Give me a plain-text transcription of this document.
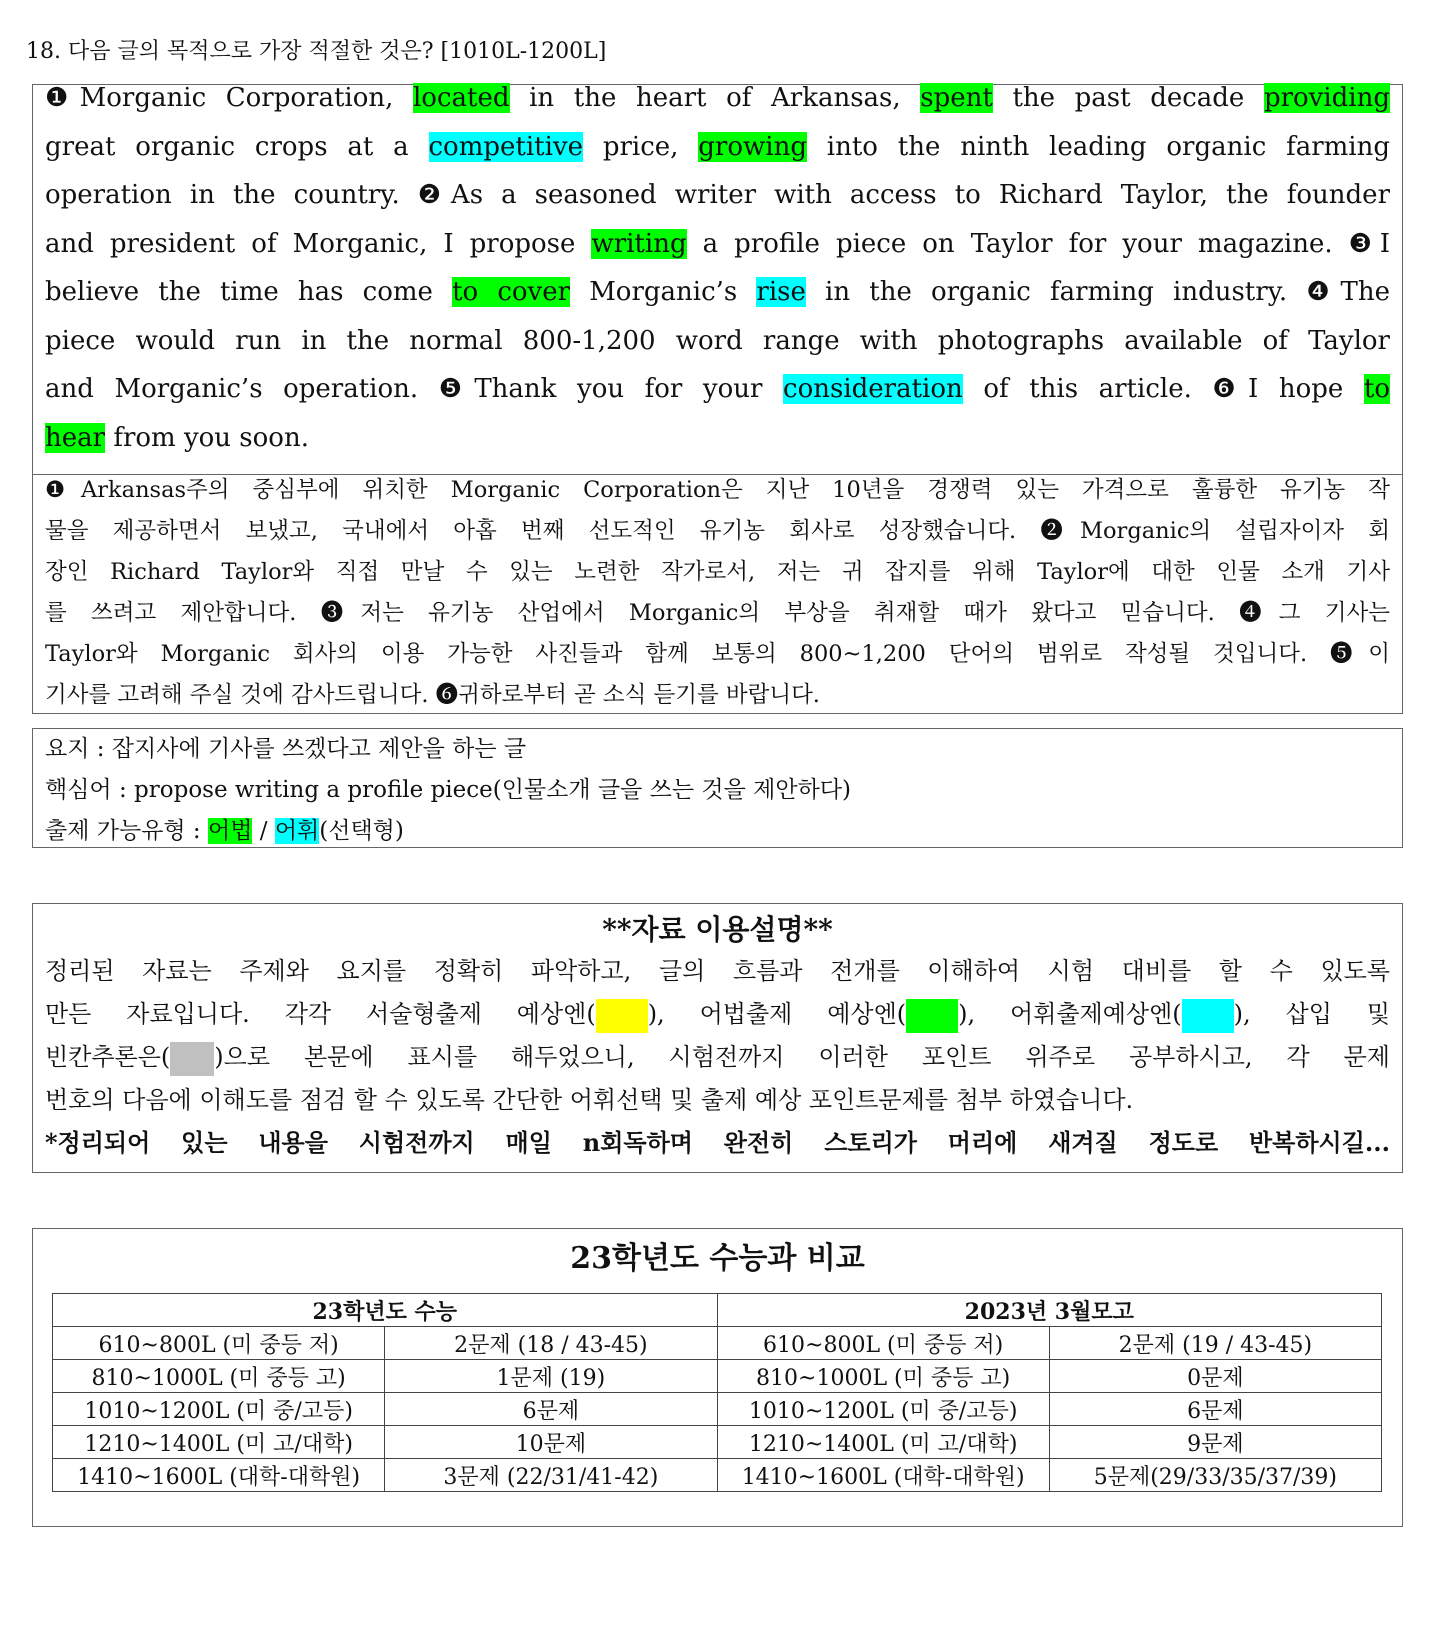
18. 다음 글의 목적으로 가장 적절한 것은? [1010L-1200L]
❶Morganic Corporation, located in the heart of Arkansas, spent the past decade providing
great organic crops at a competitive price, growing into the ninth leading organic farming
operation in the country. ❷As a seasoned writer with access to Richard Taylor, the founder
and president of Morganic, I propose writing a profile piece on Taylor for your magazine. ❸I
believe the time has come to cover Morganic’s rise in the organic farming industry. ❹The
piece would run in the normal 800-1,200 word range with photographs available of Taylor
and Morganic’s operation. ❺Thank you for your consideration of this article. ❻I hope to
hear from you soon.
❶Arkansas주의 중심부에 위치한 Morganic Corporation은 지난 10년을 경쟁력 있는 가격으로 훌륭한 유기농 작
물을 제공하면서 보냈고, 국내에서 아홉 번째 선도적인 유기농 회사로 성장했습니다. ❷Morganic의 설립자이자 회
장인 Richard Taylor와 직접 만날 수 있는 노련한 작가로서, 저는 귀 잡지를 위해 Taylor에 대한 인물 소개 기사
를 쓰려고 제안합니다. ❸저는 유기농 산업에서 Morganic의 부상을 취재할 때가 왔다고 믿습니다. ❹그 기사는
Taylor와 Morganic 회사의 이용 가능한 사진들과 함께 보통의 800~1,200 단어의 범위로 작성될 것입니다. ❺이
기사를 고려해 주실 것에 감사드립니다. ❻귀하로부터 곧 소식 듣기를 바랍니다.
요지 : 잡지사에 기사를 쓰겠다고 제안을 하는 글
핵심어 : propose writing a profile piece(인물소개 글을 쓰는 것을 제안하다)
출제 가능유형 : 어법 / 어휘(선택형)
**자료 이용설명**
정리된 자료는 주제와 요지를 정확히 파악하고, 글의 흐름과 전개를 이해하여 시험 대비를 할 수 있도록
만든 자료입니다. 각각 서술형출제 예상엔( ), 어법출제 예상엔( ), 어휘출제예상엔( ), 삽입 및
빈칸추론은( )으로 본문에 표시를 해두었으니, 시험전까지 이러한 포인트 위주로 공부하시고, 각 문제
번호의 다음에 이해도를 점검 할 수 있도록 간단한 어휘선택 및 출제 예상 포인트문제를 첨부 하였습니다.
*정리되어 있는 내용을 시험전까지 매일 n회독하며 완전히 스토리가 머리에 새겨질 정도로 반복하시길...
23학년도 수능과 비교
23학년도 수능		2023년 3월모고	
610~800L (미 중등 저)	2문제 (18 / 43-45)	610~800L (미 중등 저)	2문제 (19 / 43-45)
810~1000L (미 중등 고)	1문제 (19)	810~1000L (미 중등 고)	0문제
1010~1200L (미 중/고등)	6문제	1010~1200L (미 중/고등)	6문제
1210~1400L (미 고/대학)	10문제	1210~1400L (미 고/대학)	9문제
1410~1600L (대학-대학원)	3문제 (22/31/41-42)	1410~1600L (대학-대학원)	5문제(29/33/35/37/39)
